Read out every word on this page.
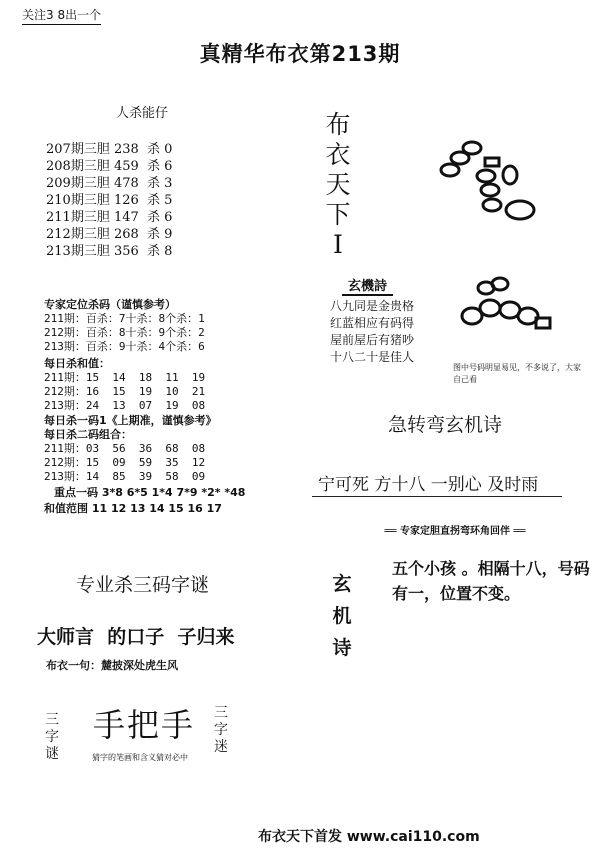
关注3 8出一个
真精华布衣第213期
人杀能仔
207期三胆 238  杀 0
208期三胆 459  杀 6
209期三胆 478  杀 3
210期三胆 126  杀 5
211期三胆 147  杀 6
212期三胆 268  杀 9
213期三胆 356  杀 8
专家定位杀码（谨慎参考）
211期：百杀：7十杀：8个杀：1
212期：百杀：8十杀：9个杀：2
213期：百杀：9十杀：4个杀：6
每日杀和值：
211期：15  14  18  11  19
212期：16  15  19  10  21
213期：24  13  07  19  08
每日杀一码1《上期准，谨慎参考》
每日杀二码组合：
211期：03  56  36  68  08
212期：15  09  59  35  12
213期：14  85  39  58  09
重点一码 3*8 6*5 1*4 7*9 *2* *48
和值范围 11 12 13 14 15 16 17
专业杀三码字谜
大师言  的口子  子归来
布衣一句：麓披深处虎生风
三字谜
手把手 三字迷
猜字的笔画和含义猜对必中
布衣天下I
玄機詩
八九同是金贵格
红蓝相应有码得
屋前屋后有猪吵
十八二十是佳人
图中号码明显易见，不多说了，大家自己看
急转弯玄机诗
宁可死 方十八 一别心 及时雨
══ 专家定胆直拐弯环角回伴 ══
玄机诗
五个小孩 。相隔十八，号码有一，位置不变。
布衣天下首发 www.cai110.com
